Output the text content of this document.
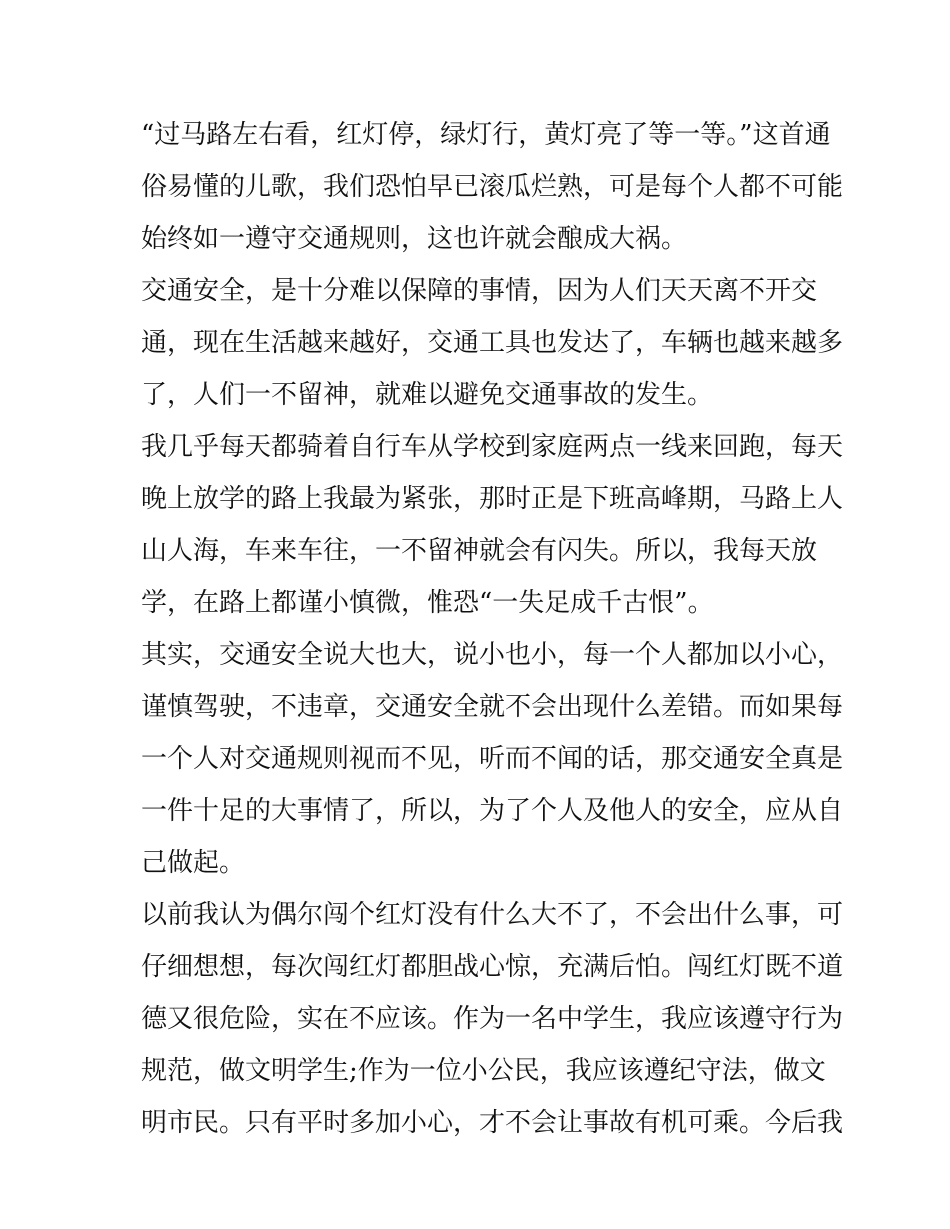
“过马路左右看，红灯停，绿灯行，黄灯亮了等一等。”这首通
俗易懂的儿歌，我们恐怕早已滚瓜烂熟，可是每个人都不可能
始终如一遵守交通规则，这也许就会酿成大祸。
交通安全，是十分难以保障的事情，因为人们天天离不开交
通，现在生活越来越好，交通工具也发达了，车辆也越来越多
了，人们一不留神，就难以避免交通事故的发生。
我几乎每天都骑着自行车从学校到家庭两点一线来回跑，每天
晚上放学的路上我最为紧张，那时正是下班高峰期，马路上人
山人海，车来车往，一不留神就会有闪失。所以，我每天放
学，在路上都谨小慎微，惟恐“一失足成千古恨”。
其实，交通安全说大也大，说小也小，每一个人都加以小心，
谨慎驾驶，不违章，交通安全就不会出现什么差错。而如果每
一个人对交通规则视而不见，听而不闻的话，那交通安全真是
一件十足的大事情了，所以，为了个人及他人的安全，应从自
己做起。
以前我认为偶尔闯个红灯没有什么大不了，不会出什么事，可
仔细想想，每次闯红灯都胆战心惊，充满后怕。闯红灯既不道
德又很危险，实在不应该。作为一名中学生，我应该遵守行为
规范，做文明学生;作为一位小公民，我应该遵纪守法，做文
明市民。只有平时多加小心，才不会让事故有机可乘。今后我
